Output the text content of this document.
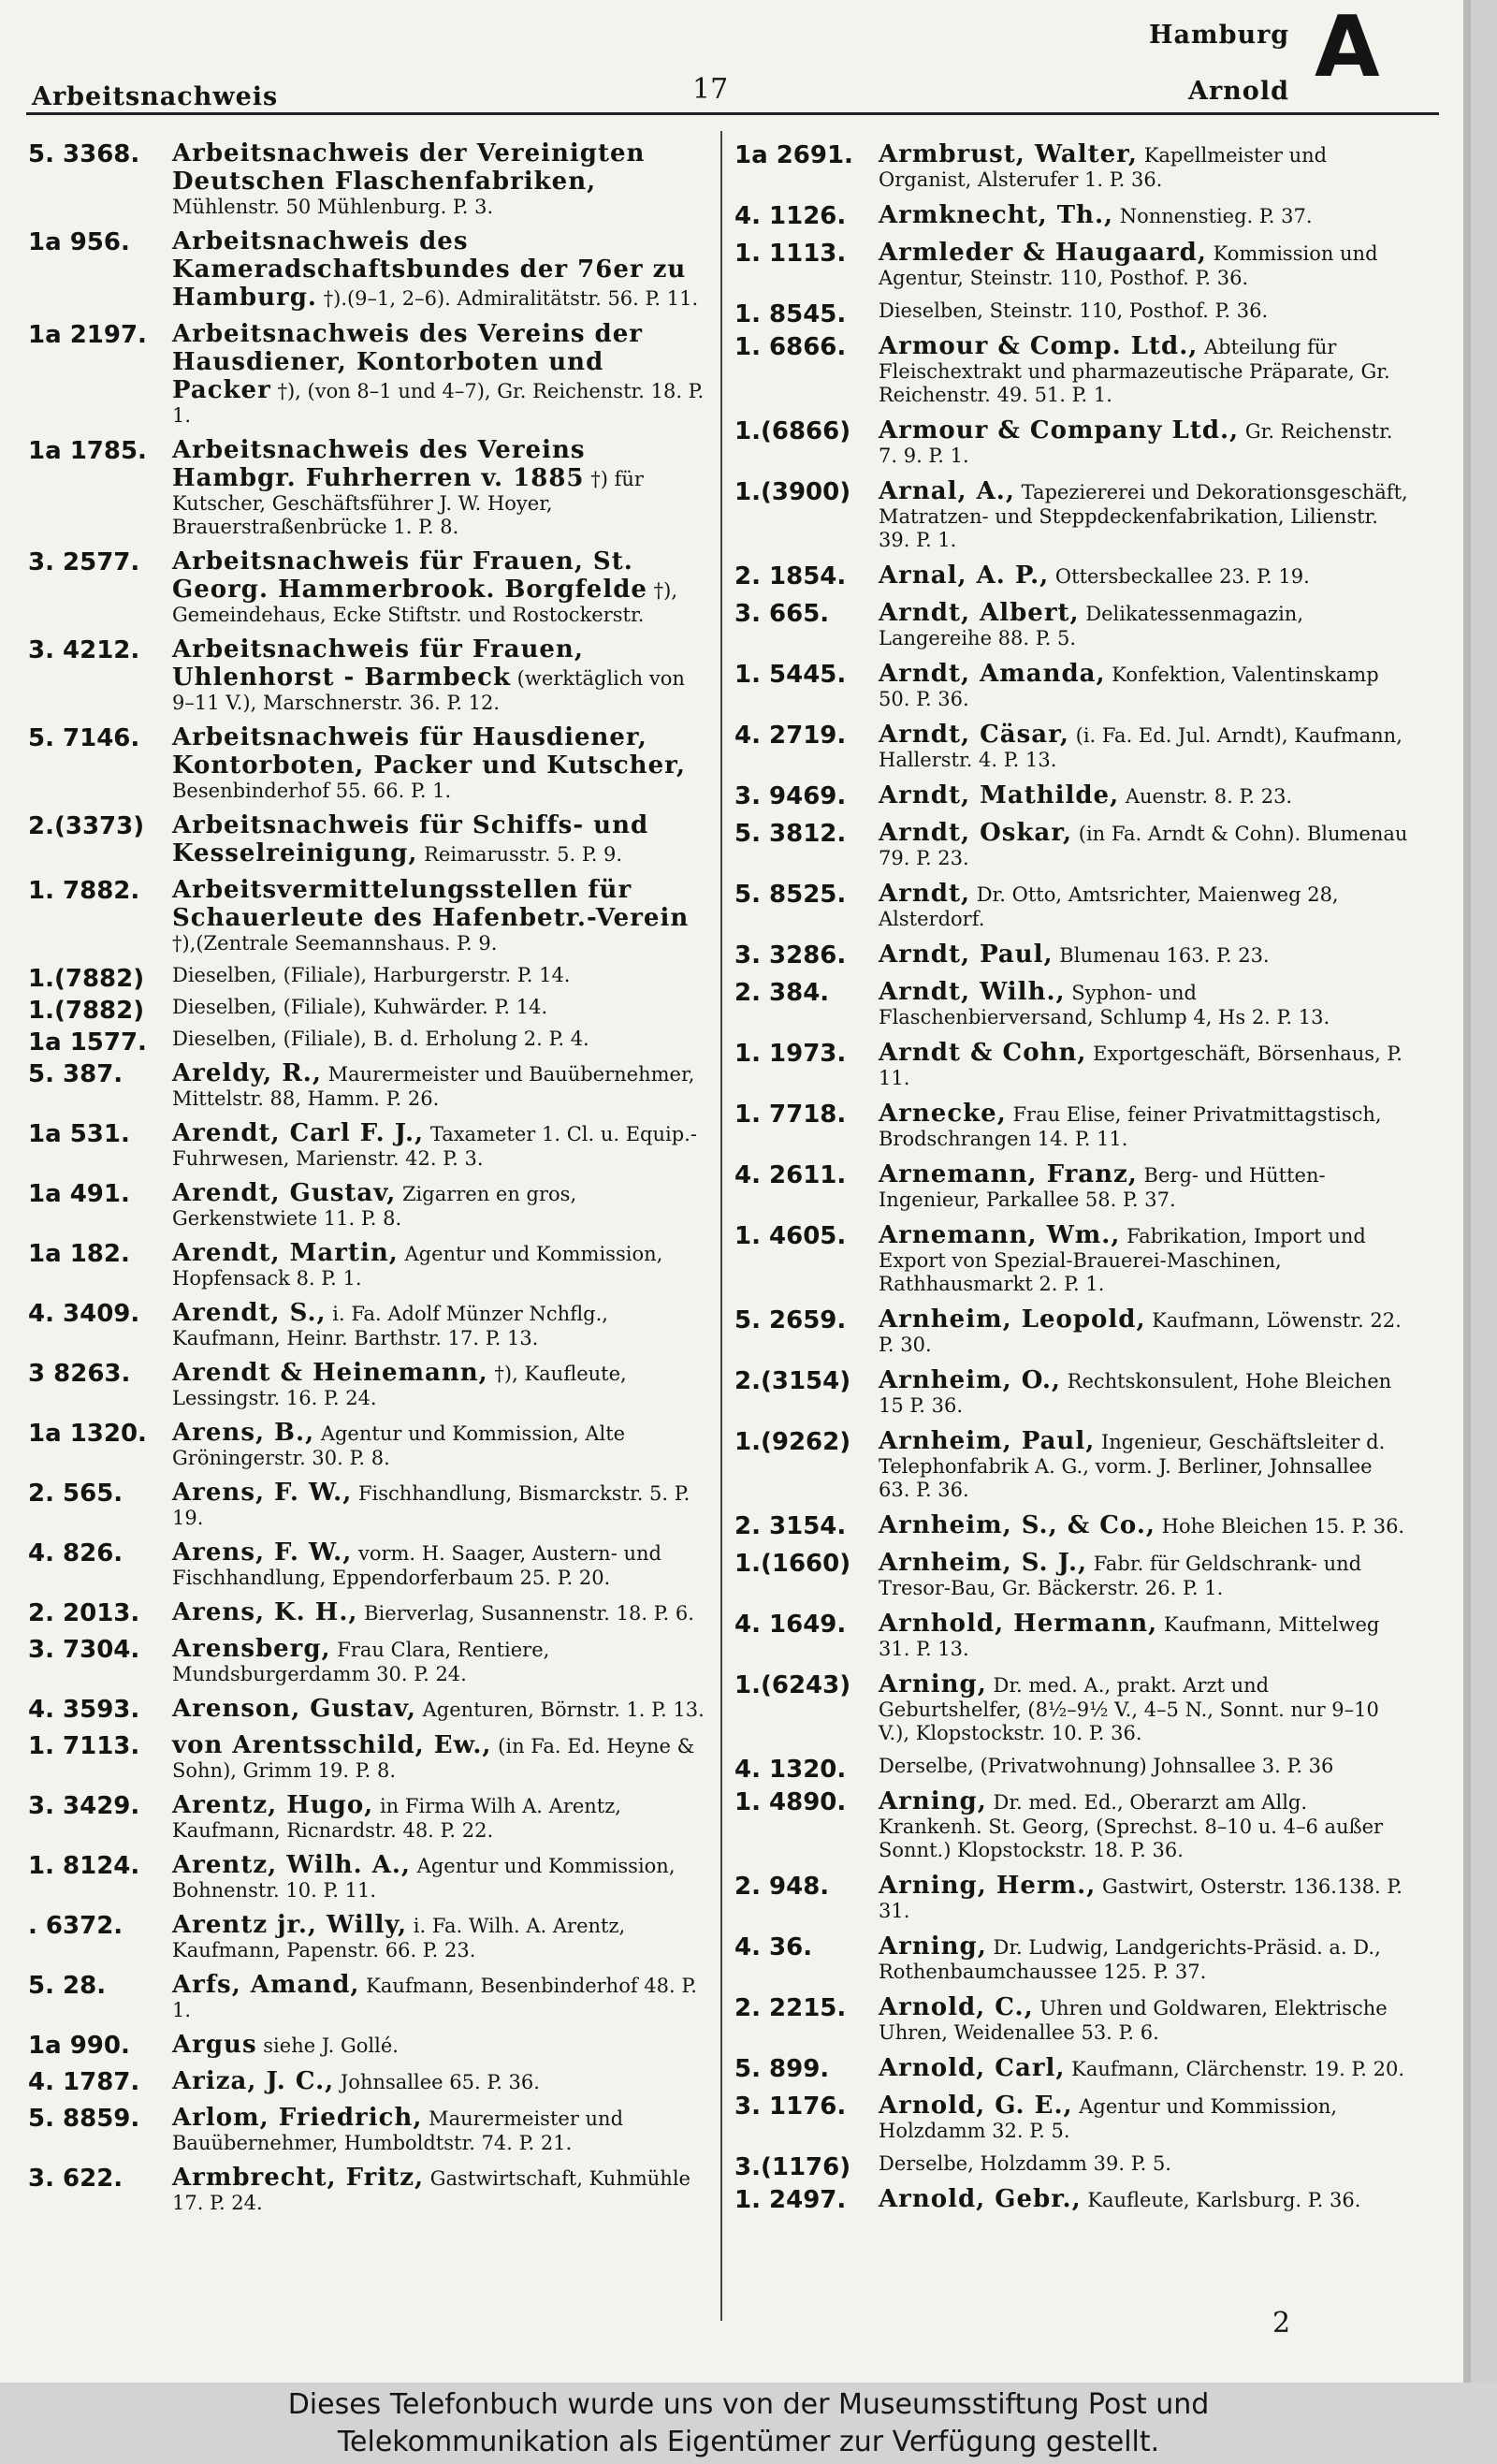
Arbeitsnachweis	17
Hamburg
Arnold A
5. 3368.	Arbeitsnachweis der Vereinigten Deutschen Flaschenfabriken, Mühlenstr. 50 Mühlenburg. P. 3.
1a 956.	Arbeitsnachweis des Kameradschaftsbundes der 76er zu Hamburg. †).(9–1, 2–6). Admiralitätstr. 56. P. 11.
1a 2197.	Arbeitsnachweis des Vereins der Hausdiener, Kontorboten und Packer †), (von 8–1 und 4–7), Gr. Reichenstr. 18. P. 1.
1a 1785.	Arbeitsnachweis des Vereins Hambgr. Fuhrherren v. 1885 †) für Kutscher, Geschäftsführer J. W. Hoyer, Brauerstraßenbrücke 1. P. 8.
3. 2577.	Arbeitsnachweis für Frauen, St. Georg. Hammerbrook. Borgfelde †), Gemeindehaus, Ecke Stiftstr. und Rostockerstr.
3. 4212.	Arbeitsnachweis für Frauen, Uhlenhorst - Barmbeck (werktäglich von 9–11 V.), Marschnerstr. 36. P. 12.
5. 7146.	Arbeitsnachweis für Hausdiener, Kontorboten, Packer und Kutscher, Besenbinderhof 55. 66. P. 1.
2.(3373)	Arbeitsnachweis für Schiffs- und Kesselreinigung, Reimarusstr. 5. P. 9.
1. 7882.	Arbeitsvermittelungsstellen für Schauerleute des Hafenbetr.-Verein †),(Zentrale Seemannshaus. P. 9.
1.(7882)	Dieselben, (Filiale), Harburgerstr. P. 14.
1.(7882)	Dieselben, (Filiale), Kuhwärder. P. 14.
1a 1577.	Dieselben, (Filiale), B. d. Erholung 2. P. 4.
5. 387.	Areldy, R., Maurermeister und Bauübernehmer, Mittelstr. 88, Hamm. P. 26.
1a 531.	Arendt, Carl F. J., Taxameter 1. Cl. u. Equip.-Fuhrwesen, Marienstr. 42. P. 3.
1a 491.	Arendt, Gustav, Zigarren en gros, Gerkenstwiete 11. P. 8.
1a 182.	Arendt, Martin, Agentur und Kommission, Hopfensack 8. P. 1.
4. 3409.	Arendt, S., i. Fa. Adolf Münzer Nchflg., Kaufmann, Heinr. Barthstr. 17. P. 13.
3 8263.	Arendt & Heinemann, †), Kaufleute, Lessingstr. 16. P. 24.
1a 1320.	Arens, B., Agentur und Kommission, Alte Gröningerstr. 30. P. 8.
2. 565.	Arens, F. W., Fischhandlung, Bismarckstr. 5. P. 19.
4. 826.	Arens, F. W., vorm. H. Saager, Austern- und Fischhandlung, Eppendorferbaum 25. P. 20.
2. 2013.	Arens, K. H., Bierverlag, Susannenstr. 18. P. 6.
3. 7304.	Arensberg, Frau Clara, Rentiere, Mundsburgerdamm 30. P. 24.
4. 3593.	Arenson, Gustav, Agenturen, Börnstr. 1. P. 13.
1. 7113.	von Arentsschild, Ew., (in Fa. Ed. Heyne & Sohn), Grimm 19. P. 8.
3. 3429.	Arentz, Hugo, in Firma Wilh A. Arentz, Kaufmann, Ricnardstr. 48. P. 22.
1. 8124.	Arentz, Wilh. A., Agentur und Kommission, Bohnenstr. 10. P. 11.
. 6372.	Arentz jr., Willy, i. Fa. Wilh. A. Arentz, Kaufmann, Papenstr. 66. P. 23.
5. 28.	Arfs, Amand, Kaufmann, Besenbinderhof 48. P. 1.
1a 990.	Argus siehe J. Gollé.
4. 1787.	Ariza, J. C., Johnsallee 65. P. 36.
5. 8859.	Arlom, Friedrich, Maurermeister und Bauübernehmer, Humboldtstr. 74. P. 21.
3. 622.	Armbrecht, Fritz, Gastwirtschaft, Kuhmühle 17. P. 24.
1a 2691.	Armbrust, Walter, Kapellmeister und Organist, Alsterufer 1. P. 36.
4. 1126.	Armknecht, Th., Nonnenstieg. P. 37.
1. 1113.	Armleder & Haugaard, Kommission und Agentur, Steinstr. 110, Posthof. P. 36.
1. 8545.	Dieselben, Steinstr. 110, Posthof. P. 36.
1. 6866.	Armour & Comp. Ltd., Abteilung für Fleischextrakt und pharmazeutische Präparate, Gr. Reichenstr. 49. 51. P. 1.
1.(6866)	Armour & Company Ltd., Gr. Reichenstr. 7. 9. P. 1.
1.(3900)	Arnal, A., Tapeziererei und Dekorationsgeschäft, Matratzen- und Steppdeckenfabrikation, Lilienstr. 39. P. 1.
2. 1854.	Arnal, A. P., Ottersbeckallee 23. P. 19.
3. 665.	Arndt, Albert, Delikatessenmagazin, Langereihe 88. P. 5.
1. 5445.	Arndt, Amanda, Konfektion, Valentinskamp 50. P. 36.
4. 2719.	Arndt, Cäsar, (i. Fa. Ed. Jul. Arndt), Kaufmann, Hallerstr. 4. P. 13.
3. 9469.	Arndt, Mathilde, Auenstr. 8. P. 23.
5. 3812.	Arndt, Oskar, (in Fa. Arndt & Cohn). Blumenau 79. P. 23.
5. 8525.	Arndt, Dr. Otto, Amtsrichter, Maienweg 28, Alsterdorf.
3. 3286.	Arndt, Paul, Blumenau 163. P. 23.
2. 384.	Arndt, Wilh., Syphon- und Flaschenbierversand, Schlump 4, Hs 2. P. 13.
1. 1973.	Arndt & Cohn, Exportgeschäft, Börsenhaus, P. 11.
1. 7718.	Arnecke, Frau Elise, feiner Privatmittagstisch, Brodschrangen 14. P. 11.
4. 2611.	Arnemann, Franz, Berg- und Hütten-Ingenieur, Parkallee 58. P. 37.
1. 4605.	Arnemann, Wm., Fabrikation, Import und Export von Spezial-Brauerei-Maschinen, Rathhausmarkt 2. P. 1.
5. 2659.	Arnheim, Leopold, Kaufmann, Löwenstr. 22. P. 30.
2.(3154)	Arnheim, O., Rechtskonsulent, Hohe Bleichen 15 P. 36.
1.(9262)	Arnheim, Paul, Ingenieur, Geschäftsleiter d. Telephonfabrik A. G., vorm. J. Berliner, Johnsallee 63. P. 36.
2. 3154.	Arnheim, S., & Co., Hohe Bleichen 15. P. 36.
1.(1660)	Arnheim, S. J., Fabr. für Geldschrank- und Tresor-Bau, Gr. Bäckerstr. 26. P. 1.
4. 1649.	Arnhold, Hermann, Kaufmann, Mittelweg 31. P. 13.
1.(6243)	Arning, Dr. med. A., prakt. Arzt und Geburtshelfer, (8½–9½ V., 4–5 N., Sonnt. nur 9–10 V.), Klopstockstr. 10. P. 36.
4. 1320.	Derselbe, (Privatwohnung) Johnsallee 3. P. 36
1. 4890.	Arning, Dr. med. Ed., Oberarzt am Allg. Krankenh. St. Georg, (Sprechst. 8–10 u. 4–6 außer Sonnt.) Klopstockstr. 18. P. 36.
2. 948.	Arning, Herm., Gastwirt, Osterstr. 136.138. P. 31.
4. 36.	Arning, Dr. Ludwig, Landgerichts-Präsid. a. D., Rothenbaumchaussee 125. P. 37.
2. 2215.	Arnold, C., Uhren und Goldwaren, Elektrische Uhren, Weidenallee 53. P. 6.
5. 899.	Arnold, Carl, Kaufmann, Clärchenstr. 19. P. 20.
3. 1176.	Arnold, G. E., Agentur und Kommission, Holzdamm 32. P. 5.
3.(1176)	Derselbe, Holzdamm 39. P. 5.
1. 2497.	Arnold, Gebr., Kaufleute, Karlsburg. P. 36.
2
Dieses Telefonbuch wurde uns von der Museumsstiftung Post und
Telekommunikation als Eigentümer zur Verfügung gestellt.
